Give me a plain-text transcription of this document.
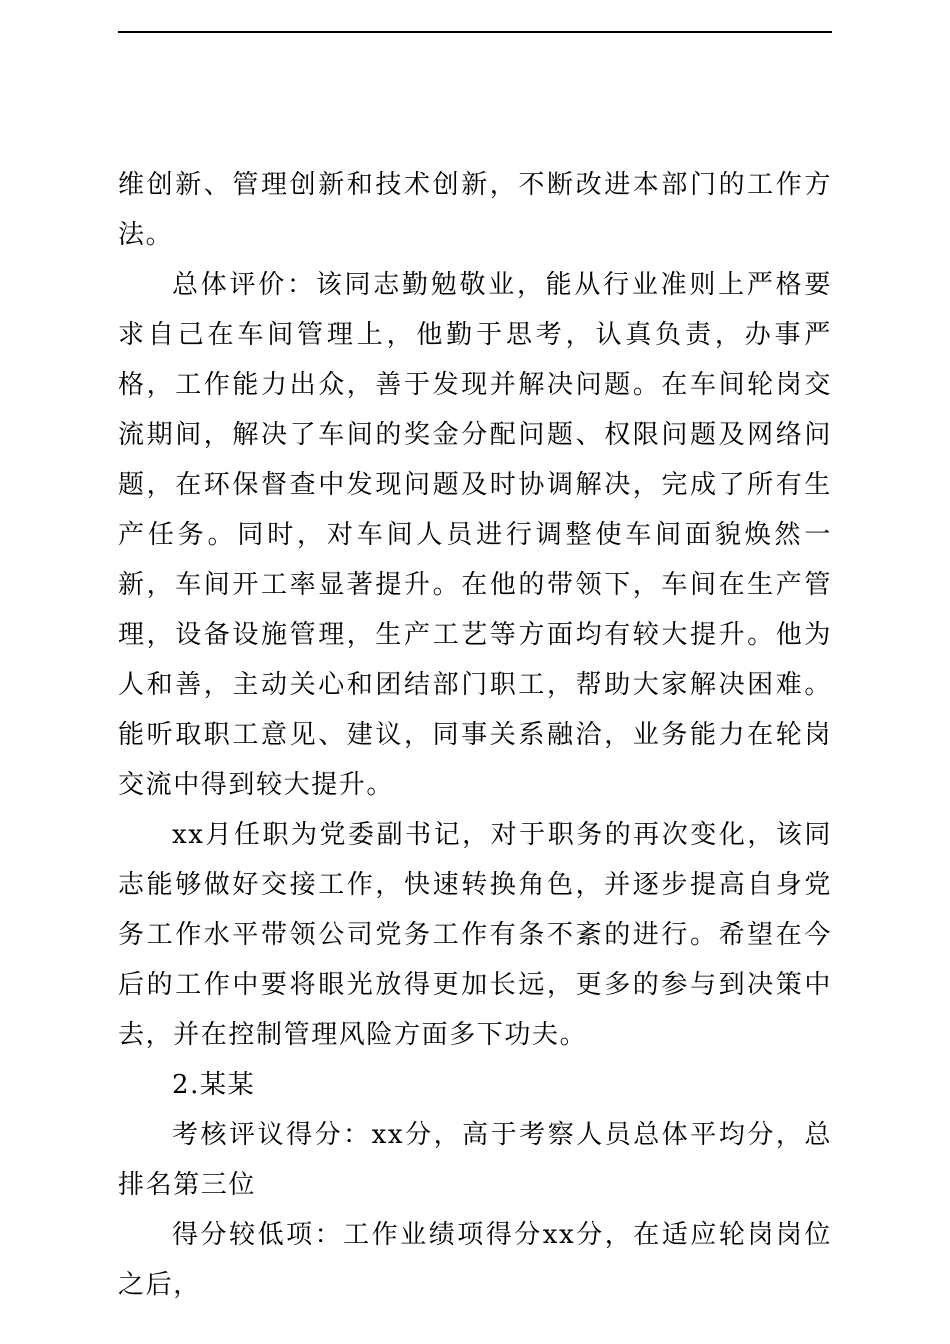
维创新、管理创新和技术创新，不断改进本部门的工作方法。

总体评价：该同志勤勉敬业，能从行业准则上严格要求自己在车间管理上，他勤于思考，认真负责，办事严格，工作能力出众，善于发现并解决问题。在车间轮岗交流期间，解决了车间的奖金分配问题、权限问题及网络问题，在环保督查中发现问题及时协调解决，完成了所有生产任务。同时，对车间人员进行调整使车间面貌焕然一新，车间开工率显著提升。在他的带领下，车间在生产管理，设备设施管理，生产工艺等方面均有较大提升。他为人和善，主动关心和团结部门职工，帮助大家解决困难。能听取职工意见、建议，同事关系融洽，业务能力在轮岗交流中得到较大提升。

xx月任职为党委副书记，对于职务的再次变化，该同志能够做好交接工作，快速转换角色，并逐步提高自身党务工作水平带领公司党务工作有条不紊的进行。希望在今后的工作中要将眼光放得更加长远，更多的参与到决策中去，并在控制管理风险方面多下功夫。

2.某某

考核评议得分：xx分，高于考察人员总体平均分，总排名第三位

得分较低项：工作业绩项得分xx分，在适应轮岗岗位之后，
